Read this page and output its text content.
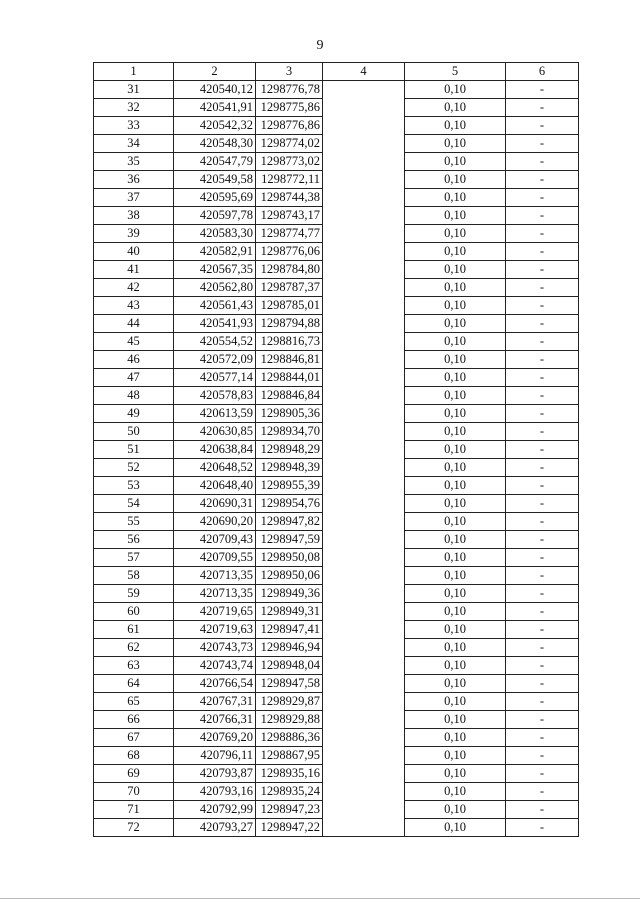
9
1	2	3	4	5	6
31	420540,12	1298776,78		0,10	-
32	420541,91	1298775,86		0,10	-
33	420542,32	1298776,86		0,10	-
34	420548,30	1298774,02		0,10	-
35	420547,79	1298773,02		0,10	-
36	420549,58	1298772,11		0,10	-
37	420595,69	1298744,38		0,10	-
38	420597,78	1298743,17		0,10	-
39	420583,30	1298774,77		0,10	-
40	420582,91	1298776,06		0,10	-
41	420567,35	1298784,80		0,10	-
42	420562,80	1298787,37		0,10	-
43	420561,43	1298785,01		0,10	-
44	420541,93	1298794,88		0,10	-
45	420554,52	1298816,73		0,10	-
46	420572,09	1298846,81		0,10	-
47	420577,14	1298844,01		0,10	-
48	420578,83	1298846,84		0,10	-
49	420613,59	1298905,36		0,10	-
50	420630,85	1298934,70		0,10	-
51	420638,84	1298948,29		0,10	-
52	420648,52	1298948,39		0,10	-
53	420648,40	1298955,39		0,10	-
54	420690,31	1298954,76		0,10	-
55	420690,20	1298947,82		0,10	-
56	420709,43	1298947,59		0,10	-
57	420709,55	1298950,08		0,10	-
58	420713,35	1298950,06		0,10	-
59	420713,35	1298949,36		0,10	-
60	420719,65	1298949,31		0,10	-
61	420719,63	1298947,41		0,10	-
62	420743,73	1298946,94		0,10	-
63	420743,74	1298948,04		0,10	-
64	420766,54	1298947,58		0,10	-
65	420767,31	1298929,87		0,10	-
66	420766,31	1298929,88		0,10	-
67	420769,20	1298886,36		0,10	-
68	420796,11	1298867,95		0,10	-
69	420793,87	1298935,16		0,10	-
70	420793,16	1298935,24		0,10	-
71	420792,99	1298947,23		0,10	-
72	420793,27	1298947,22		0,10	-
